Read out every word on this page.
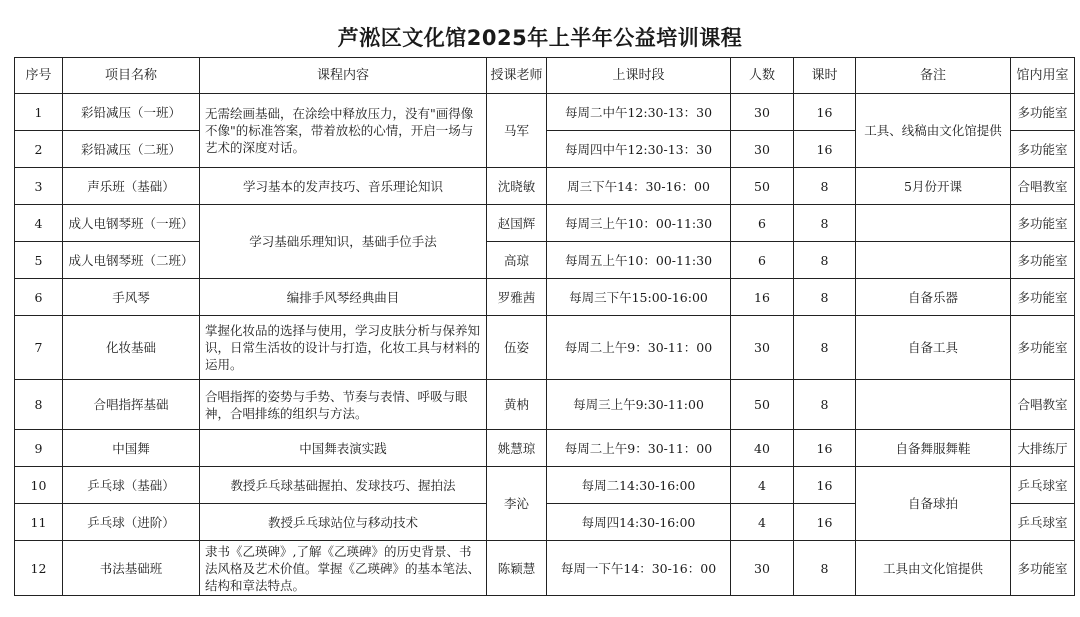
芦淞区文化馆2025年上半年公益培训课程
序号	项目名称	课程内容	授课老师	上课时段	人数	课时	备注	馆内用室
1	彩铅减压（一班）	无需绘画基础，在涂绘中释放压力，没有"画得像不像"的标准答案，带着放松的心情，开启一场与艺术的深度对话。	马军	每周二中午12:30-13：30	30	16	工具、线稿由文化馆提供	多功能室
2	彩铅减压（二班）			每周四中午12:30-13：30	30	16		多功能室
3	声乐班（基础）	学习基本的发声技巧、音乐理论知识	沈晓敏	周三下午14：30-16：00	50	8	5月份开课	合唱教室
4	成人电钢琴班（一班）	学习基础乐理知识，基础手位手法	赵国辉	每周三上午10：00-11:30	6	8		多功能室
5	成人电钢琴班（二班）		高琼	每周五上午10：00-11:30	6	8		多功能室
6	手风琴	编排手风琴经典曲目	罗雅茜	每周三下午15:00-16:00	16	8	自备乐器	多功能室
7	化妆基础	掌握化妆品的选择与使用，学习皮肤分析与保养知识，日常生活妆的设计与打造，化妆工具与材料的运用。	伍姿	每周二上午9：30-11：00	30	8	自备工具	多功能室
8	合唱指挥基础	合唱指挥的姿势与手势、节奏与表情、呼吸与眼神，合唱排练的组织与方法。	黄枘	每周三上午9:30-11:00	50	8		合唱教室
9	中国舞	中国舞表演实践	姚慧琼	每周二上午9：30-11：00	40	16	自备舞服舞鞋	大排练厅
10	乒乓球（基础）	教授乒乓球基础握拍、发球技巧、握拍法	李沁	每周二14:30-16:00	4	16	自备球拍	乒乓球室
11	乒乓球（进阶）	教授乒乓球站位与移动技术		每周四14:30-16:00	4	16		乒乓球室
12	书法基础班	隶书《乙瑛碑》,了解《乙瑛碑》的历史背景、书法风格及艺术价值。掌握《乙瑛碑》的基本笔法、结构和章法特点。	陈颖慧	每周一下午14：30-16：00	30	8	工具由文化馆提供	多功能室
